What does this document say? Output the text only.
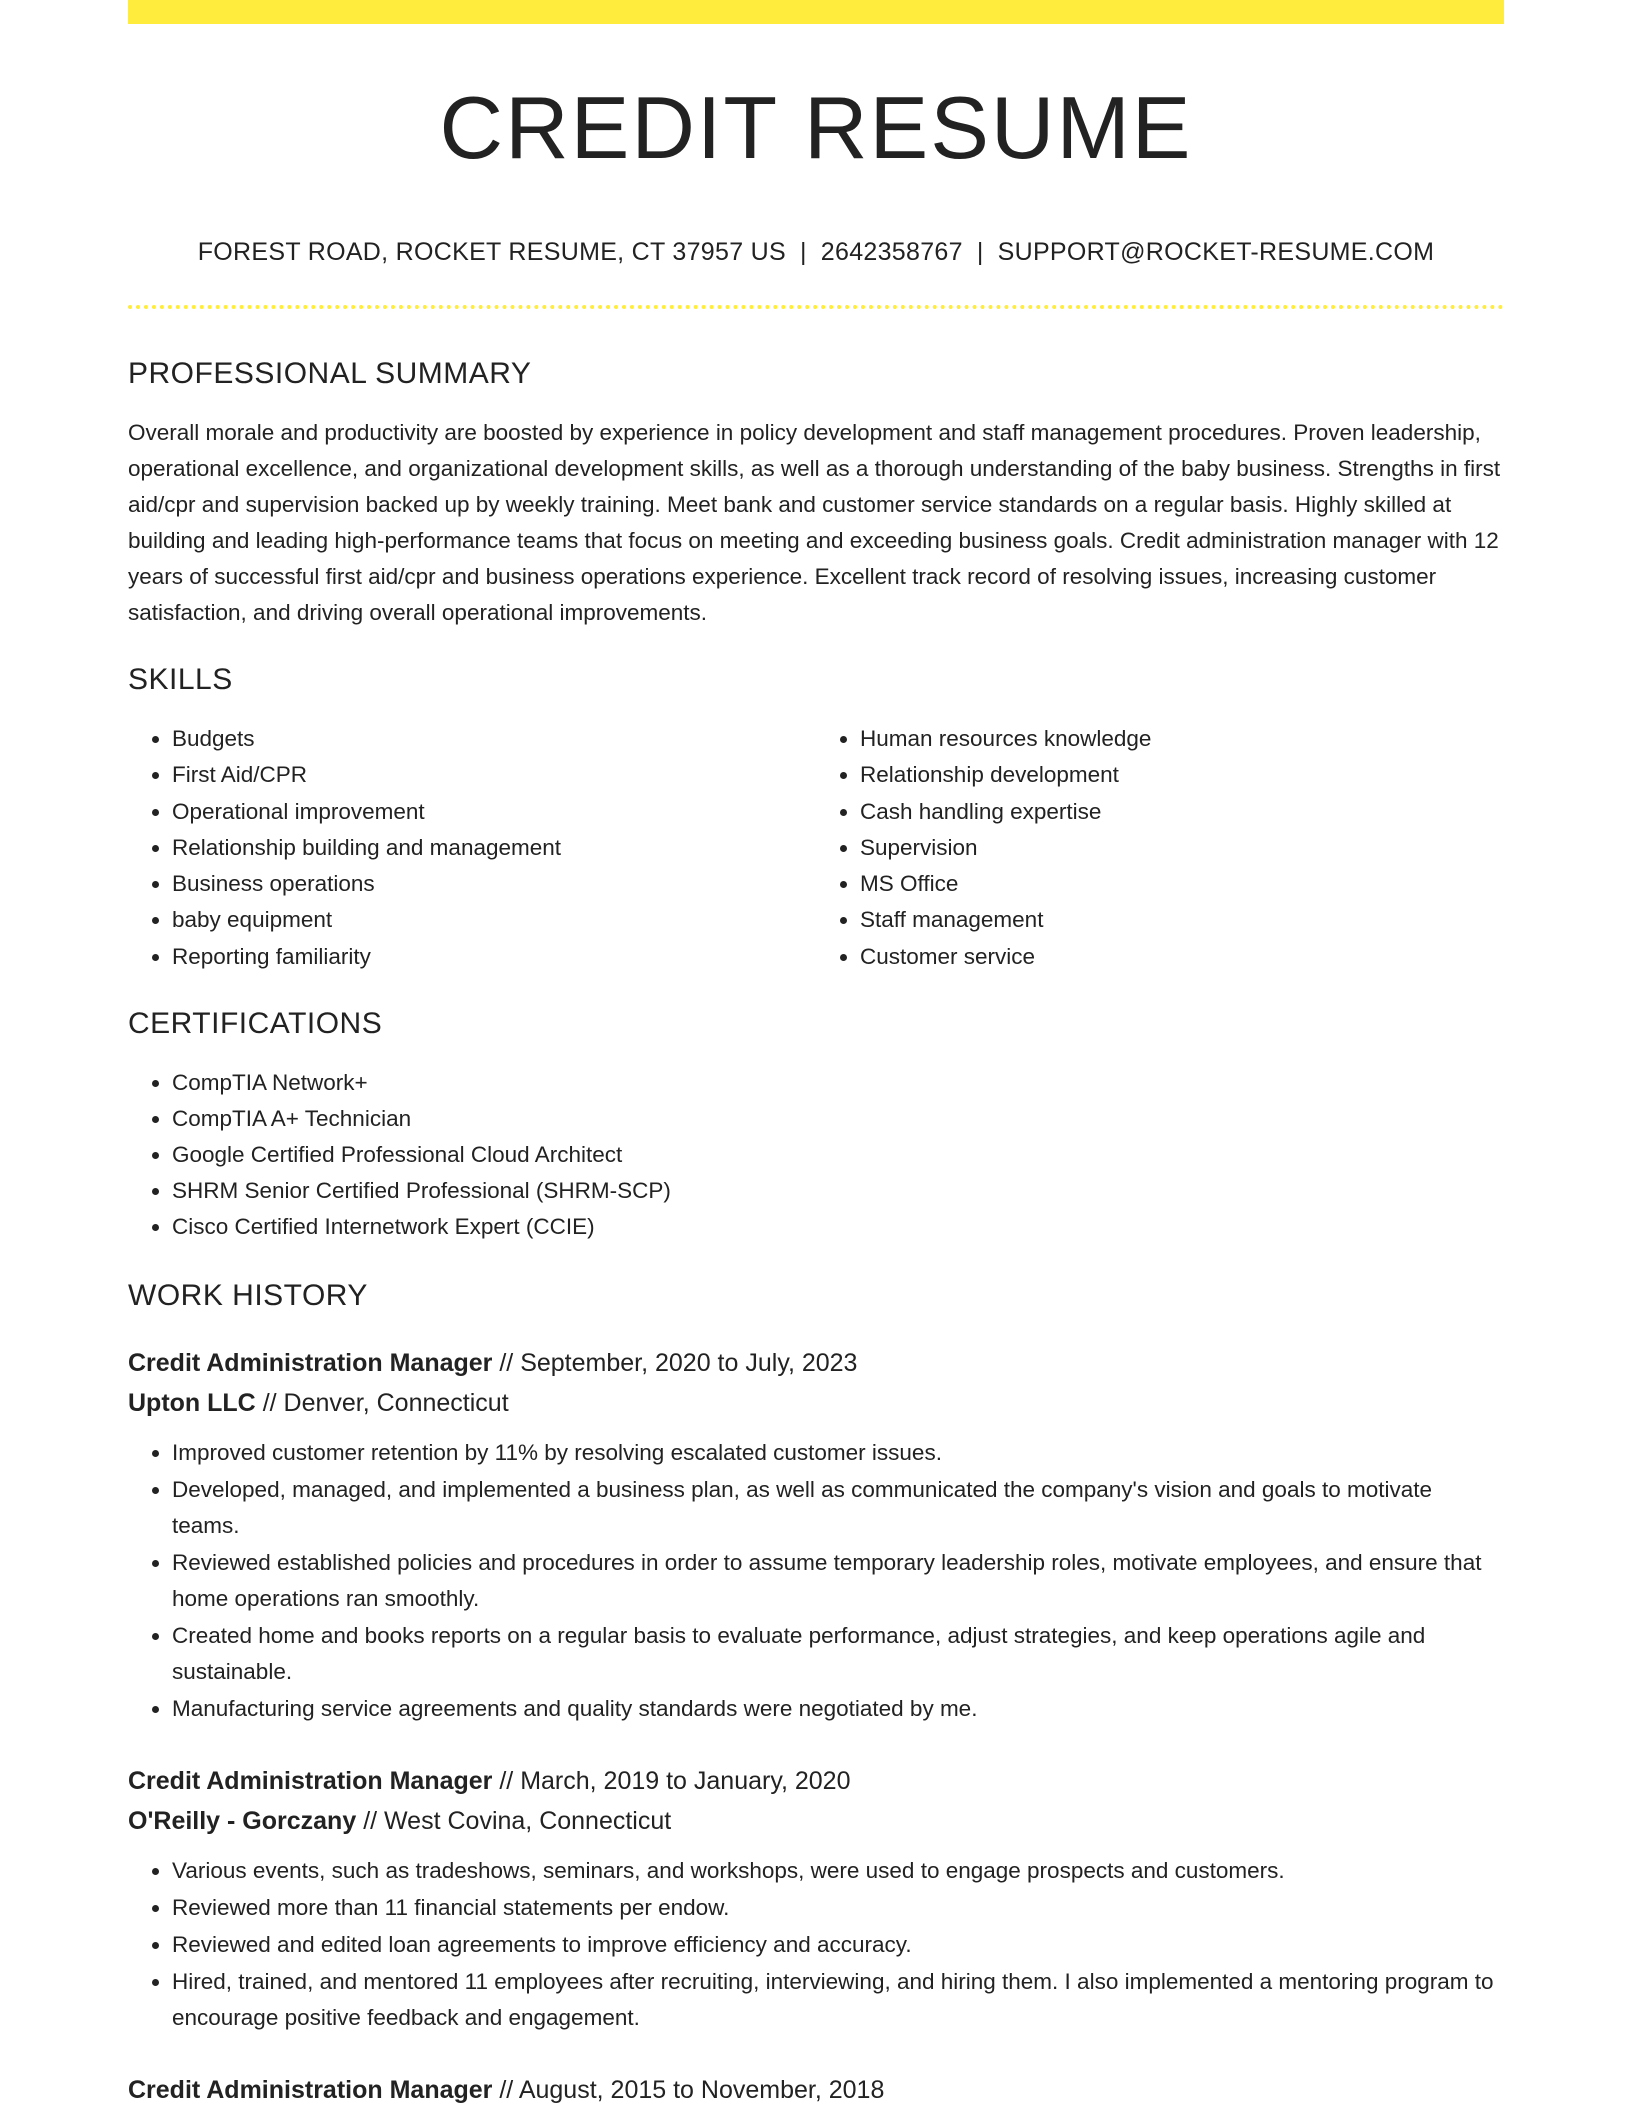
CREDIT RESUME
FOREST ROAD, ROCKET RESUME, CT 37957 US | 2642358767 | SUPPORT@ROCKET-RESUME.COM
PROFESSIONAL SUMMARY
Overall morale and productivity are boosted by experience in policy development and staff management procedures. Proven leadership, operational excellence, and organizational development skills, as well as a thorough understanding of the baby business. Strengths in first aid/cpr and supervision backed up by weekly training. Meet bank and customer service standards on a regular basis. Highly skilled at building and leading high-performance teams that focus on meeting and exceeding business goals. Credit administration manager with 12 years of successful first aid/cpr and business operations experience. Excellent track record of resolving issues, increasing customer satisfaction, and driving overall operational improvements.
SKILLS
• Budgets
• First Aid/CPR
• Operational improvement
• Relationship building and management
• Business operations
• baby equipment
• Reporting familiarity
• Human resources knowledge
• Relationship development
• Cash handling expertise
• Supervision
• MS Office
• Staff management
• Customer service
CERTIFICATIONS
• CompTIA Network+
• CompTIA A+ Technician
• Google Certified Professional Cloud Architect
• SHRM Senior Certified Professional (SHRM-SCP)
• Cisco Certified Internetwork Expert (CCIE)
WORK HISTORY
Credit Administration Manager // September, 2020 to July, 2023
Upton LLC // Denver, Connecticut
• Improved customer retention by 11% by resolving escalated customer issues.
• Developed, managed, and implemented a business plan, as well as communicated the company's vision and goals to motivate teams.
• Reviewed established policies and procedures in order to assume temporary leadership roles, motivate employees, and ensure that home operations ran smoothly.
• Created home and books reports on a regular basis to evaluate performance, adjust strategies, and keep operations agile and sustainable.
• Manufacturing service agreements and quality standards were negotiated by me.
Credit Administration Manager // March, 2019 to January, 2020
O'Reilly - Gorczany // West Covina, Connecticut
• Various events, such as tradeshows, seminars, and workshops, were used to engage prospects and customers.
• Reviewed more than 11 financial statements per endow.
• Reviewed and edited loan agreements to improve efficiency and accuracy.
• Hired, trained, and mentored 11 employees after recruiting, interviewing, and hiring them. I also implemented a mentoring program to encourage positive feedback and engagement.
Credit Administration Manager // August, 2015 to November, 2018
